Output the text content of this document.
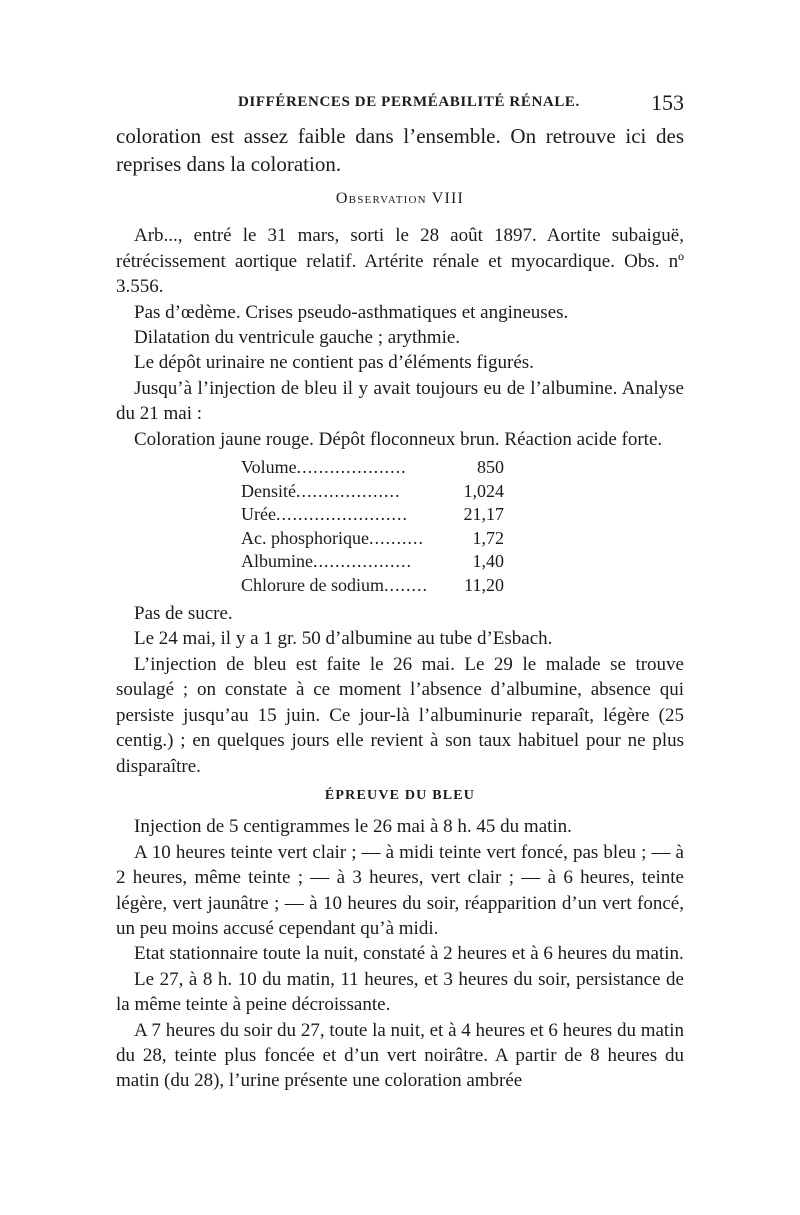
DIFFÉRENCES DE PERMÉABILITÉ RÉNALE.	153

coloration est assez faible dans l’ensemble. On retrouve ici des reprises dans la coloration.

Observation VIII

Arb..., entré le 31 mars, sorti le 28 août 1897. Aortite subaiguë, rétrécissement aortique relatif. Artérite rénale et myocardique. Obs. nº 3.556.

Pas d’œdème. Crises pseudo-asthmatiques et angineuses.

Dilatation du ventricule gauche ; arythmie.

Le dépôt urinaire ne contient pas d’éléments figurés.

Jusqu’à l’injection de bleu il y avait toujours eu de l’albumine. Analyse du 21 mai :

Coloration jaune rouge. Dépôt floconneux brun. Réaction acide forte.

Volume....................	850
Densité...................	1,024
Urée........................	21,17
Ac. phosphorique..........	1,72
Albumine..................	1,40
Chlorure de sodium........	11,20

Pas de sucre.

Le 24 mai, il y a 1 gr. 50 d’albumine au tube d’Esbach.

L’injection de bleu est faite le 26 mai. Le 29 le malade se trouve soulagé ; on constate à ce moment l’absence d’albumine, absence qui persiste jusqu’au 15 juin. Ce jour-là l’albuminurie reparaît, légère (25 centig.) ; en quelques jours elle revient à son taux habituel pour ne plus disparaître.

ÉPREUVE DU BLEU

Injection de 5 centigrammes le 26 mai à 8 h. 45 du matin.

A 10 heures teinte vert clair ; — à midi teinte vert foncé, pas bleu ; — à 2 heures, même teinte ; — à 3 heures, vert clair ; — à 6 heures, teinte légère, vert jaunâtre ; — à 10 heures du soir, réapparition d’un vert foncé, un peu moins accusé cependant qu’à midi.

Etat stationnaire toute la nuit, constaté à 2 heures et à 6 heures du matin.

Le 27, à 8 h. 10 du matin, 11 heures, et 3 heures du soir, persistance de la même teinte à peine décroissante.

A 7 heures du soir du 27, toute la nuit, et à 4 heures et 6 heures du matin du 28, teinte plus foncée et d’un vert noirâtre. A partir de 8 heures du matin (du 28), l’urine présente une coloration ambrée
